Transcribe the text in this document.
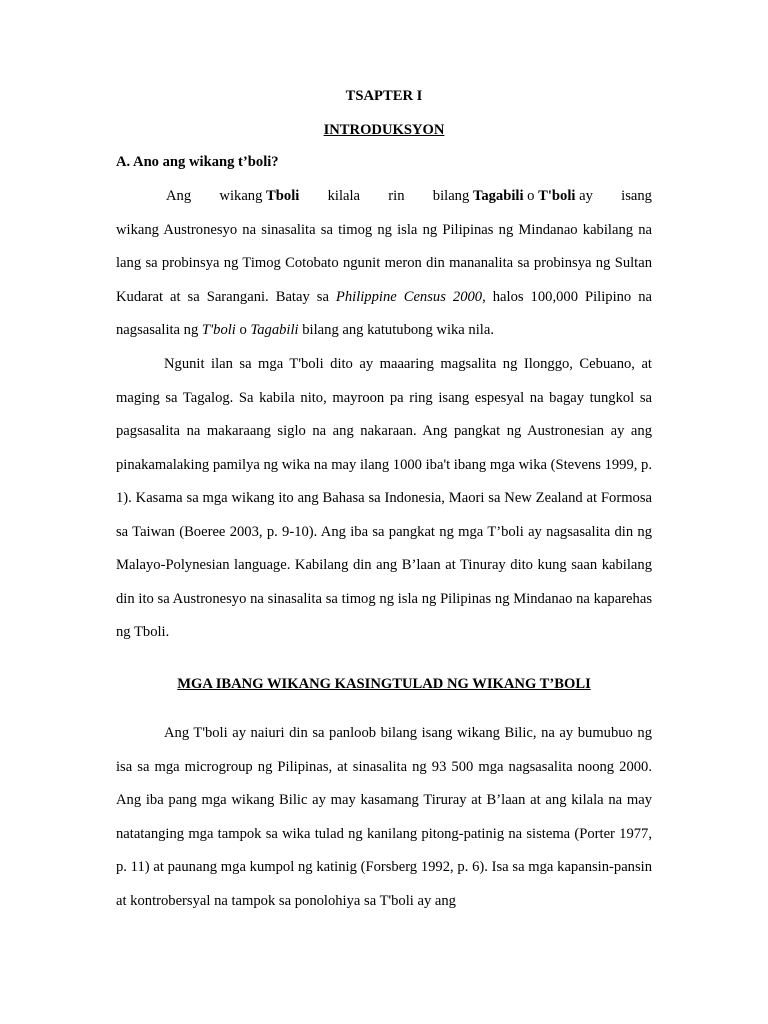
TSAPTER I
INTRODUKSYON
A. Ano ang wikang t’boli?
Ang wikang Tboli kilala rin bilang Tagabili o T'boli ay isang
wikang Austronesyo na sinasalita sa timog ng isla ng Pilipinas ng Mindanao kabilang na lang sa probinsya ng Timog Cotobato ngunit meron din mananalita sa probinsya ng Sultan Kudarat at sa Sarangani. Batay sa Philippine Census 2000, halos 100,000 Pilipino na nagsasalita ng T'boli o Tagabili bilang ang katutubong wika nila.

Ngunit ilan sa mga T'boli dito ay maaaring magsalita ng Ilonggo, Cebuano, at maging sa Tagalog. Sa kabila nito, mayroon pa ring isang espesyal na bagay tungkol sa pagsasalita na makaraang siglo na ang nakaraan. Ang pangkat ng Austronesian ay ang pinakamalaking pamilya ng wika na may ilang 1000 iba't ibang mga wika (Stevens 1999, p. 1). Kasama sa mga wikang ito ang Bahasa sa Indonesia, Maori sa New Zealand at Formosa sa Taiwan (Boeree 2003, p. 9-10). Ang iba sa pangkat ng mga T’boli ay nagsasalita din ng Malayo-Polynesian language. Kabilang din ang B’laan at Tinuray dito kung saan kabilang din ito sa Austronesyo na sinasalita sa timog ng isla ng Pilipinas ng Mindanao na kaparehas ng Tboli.

MGA IBANG WIKANG KASINGTULAD NG WIKANG T’BOLI

Ang T'boli ay naiuri din sa panloob bilang isang wikang Bilic, na ay bumubuo ng isa sa mga microgroup ng Pilipinas, at sinasalita ng 93 500 mga nagsasalita noong 2000. Ang iba pang mga wikang Bilic ay may kasamang Tiruray at B’laan at ang kilala na may natatanging mga tampok sa wika tulad ng kanilang pitong-patinig na sistema (Porter 1977, p. 11) at paunang mga kumpol ng katinig (Forsberg 1992, p. 6). Isa sa mga kapansin-pansin at kontrobersyal na tampok sa ponolohiya sa T'boli ay ang
